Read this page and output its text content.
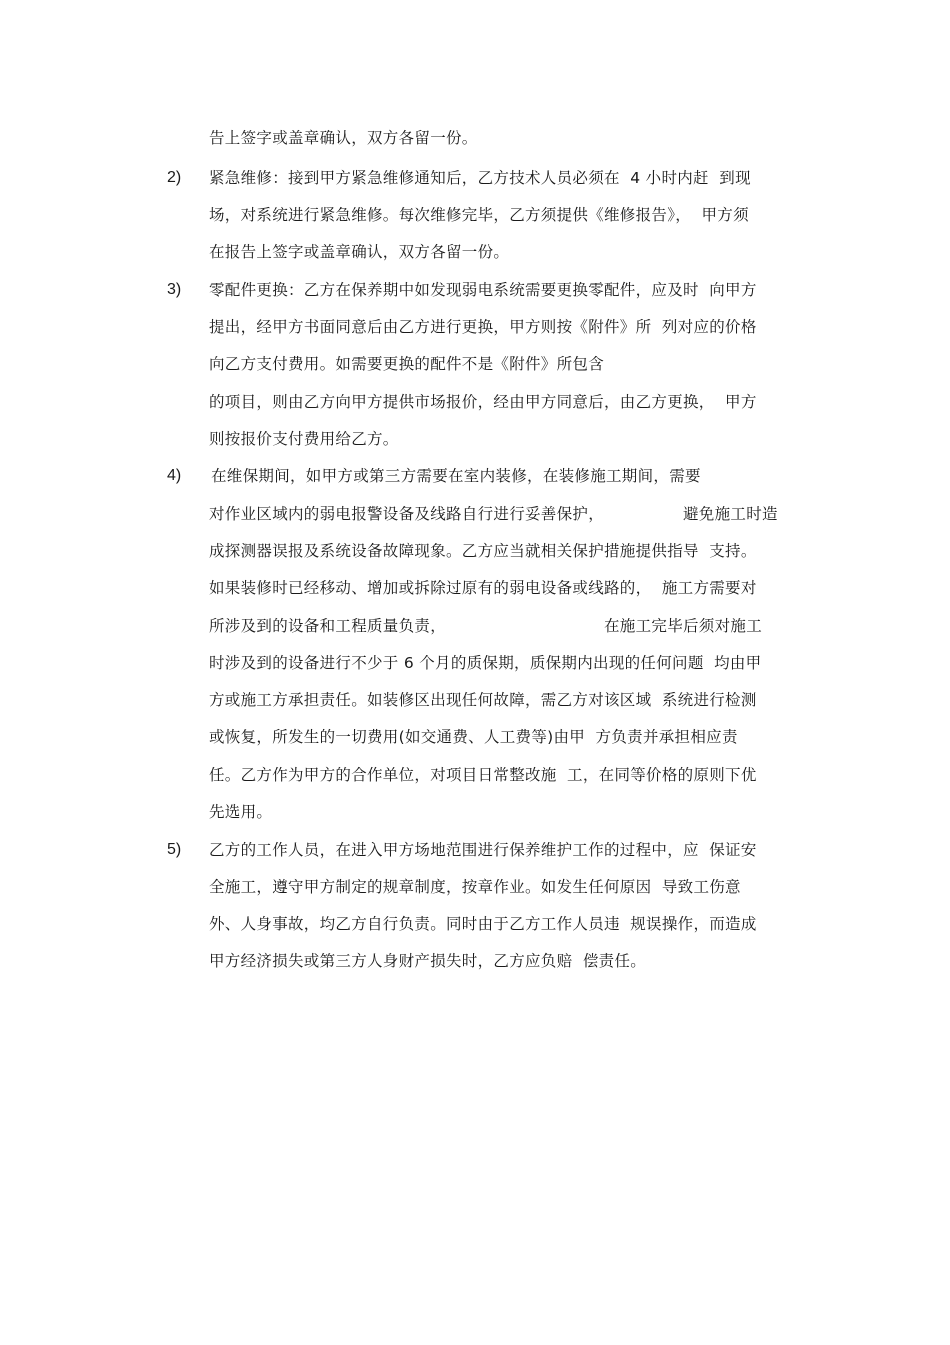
告上签字或盖章确认，双方各留一份。
2) 紧急维修：接到甲方紧急维修通知后，乙方技术人员必须在  4 小时内赶  到现
场，对系统进行紧急维修。每次维修完毕，乙方须提供《维修报告》，  甲方须
在报告上签字或盖章确认，双方各留一份。
3) 零配件更换：乙方在保养期中如发现弱电系统需要更换零配件，应及时  向甲方
提出，经甲方书面同意后由乙方进行更换，甲方则按《附件》所  列对应的价格
向乙方支付费用。如需要更换的配件不是《附件》所包含
的项目，则由乙方向甲方提供市场报价，经由甲方同意后，由乙方更换，  甲方
则按报价支付费用给乙方。
4) 在维保期间，如甲方或第三方需要在室内装修，在装修施工期间，需要
对作业区域内的弱电报警设备及线路自行进行妥善保护，	避免施工时造
成探测器误报及系统设备故障现象。乙方应当就相关保护措施提供指导  支持。
如果装修时已经移动、增加或拆除过原有的弱电设备或线路的，  施工方需要对
所涉及到的设备和工程质量负责，	在施工完毕后须对施工
时涉及到的设备进行不少于 6 个月的质保期，质保期内出现的任何问题  均由甲
方或施工方承担责任。如装修区出现任何故障，需乙方对该区域  系统进行检测
或恢复，所发生的一切费用(如交通费、人工费等)由甲  方负责并承担相应责
任。乙方作为甲方的合作单位，对项目日常整改施  工，在同等价格的原则下优
先选用。
5) 乙方的工作人员，在进入甲方场地范围进行保养维护工作的过程中，应  保证安
全施工，遵守甲方制定的规章制度，按章作业。如发生任何原因  导致工伤意
外、人身事故，均乙方自行负责。同时由于乙方工作人员违  规误操作，而造成
甲方经济损失或第三方人身财产损失时，乙方应负赔  偿责任。
